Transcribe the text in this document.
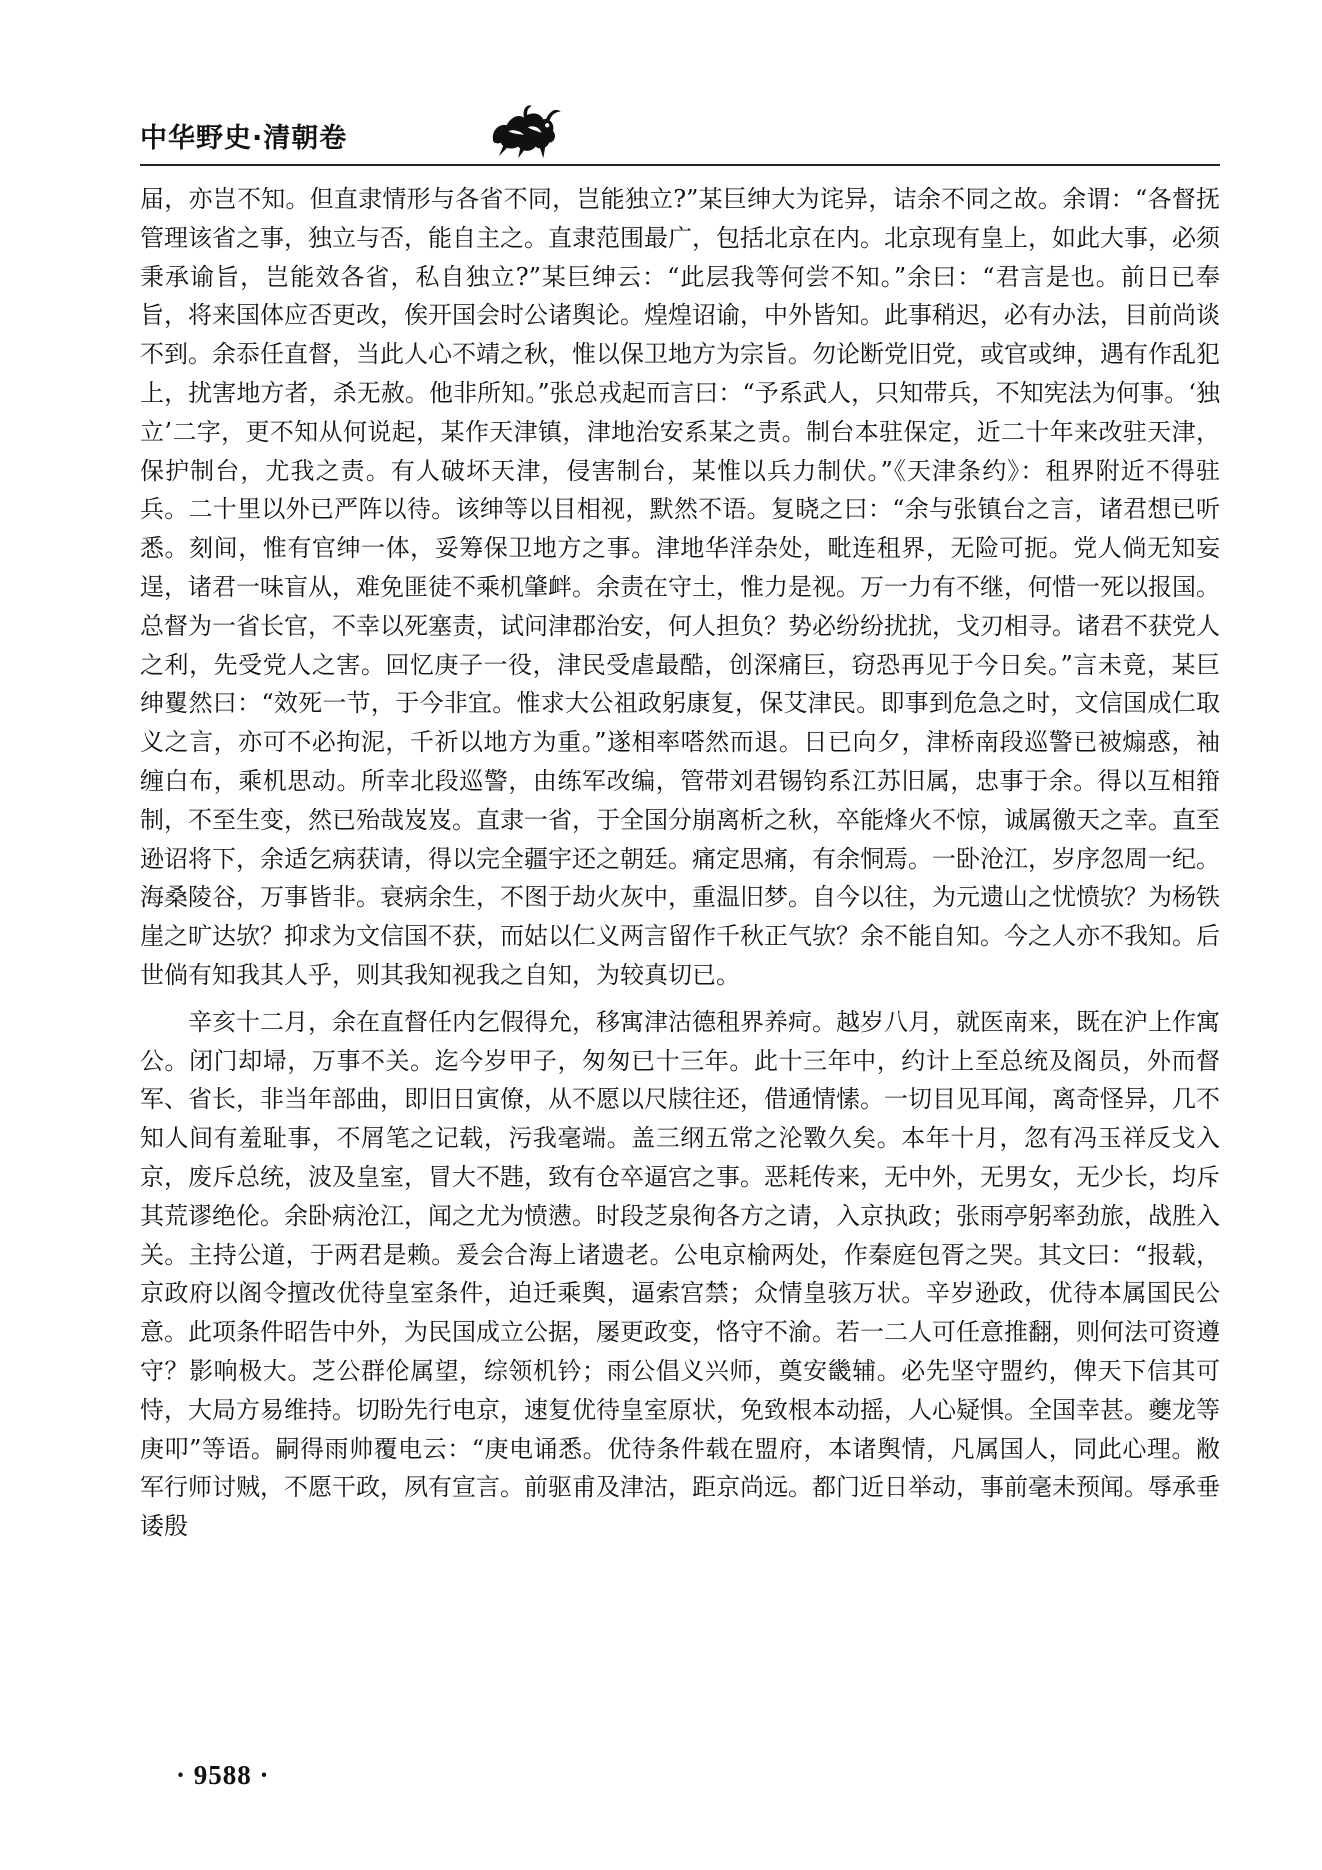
中华野史·清朝卷

届，亦岂不知。但直隶情形与各省不同，岂能独立?”某巨绅大为诧异，诘余不同之故。余谓：“各督抚管理该省之事，独立与否，能自主之。直隶范围最广，包括北京在内。北京现有皇上，如此大事，必须秉承谕旨，岂能效各省，私自独立?”某巨绅云：“此层我等何尝不知。”余曰：“君言是也。前日已奉旨，将来国体应否更改，俟开国会时公诸舆论。煌煌诏谕，中外皆知。此事稍迟，必有办法，目前尚谈不到。余忝任直督，当此人心不靖之秋，惟以保卫地方为宗旨。勿论断党旧党，或官或绅，遇有作乱犯上，扰害地方者，杀无赦。他非所知。”张总戎起而言曰：“予系武人，只知带兵，不知宪法为何事。‘独立’二字，更不知从何说起，某作天津镇，津地治安系某之责。制台本驻保定，近二十年来改驻天津，保护制台，尤我之责。有人破坏天津，侵害制台，某惟以兵力制伏。”《天津条约》：租界附近不得驻兵。二十里以外已严阵以待。该绅等以目相视，默然不语。复晓之曰：“余与张镇台之言，诸君想已听悉。刻间，惟有官绅一体，妥筹保卫地方之事。津地华洋杂处，毗连租界，无险可扼。党人倘无知妄逞，诸君一味盲从，难免匪徒不乘机肇衅。余责在守土，惟力是视。万一力有不继，何惜一死以报国。总督为一省长官，不幸以死塞责，试问津郡治安，何人担负？势必纷纷扰扰，戈刃相寻。诸君不获党人之利，先受党人之害。回忆庚子一役，津民受虐最酷，创深痛巨，窃恐再见于今日矣。”言未竟，某巨绅矍然曰：“效死一节，于今非宜。惟求大公祖政躬康复，保艾津民。即事到危急之时，文信国成仁取义之言，亦可不必拘泥，千祈以地方为重。”遂相率嗒然而退。日已向夕，津桥南段巡警已被煽惑，袖缠白布，乘机思动。所幸北段巡警，由练军改编，管带刘君锡钧系江苏旧属，忠事于余。得以互相箝制，不至生变，然已殆哉岌岌。直隶一省，于全国分崩离析之秋，卒能烽火不惊，诚属徼天之幸。直至逊诏将下，余适乞病获请，得以完全疆宇还之朝廷。痛定思痛，有余恫焉。一卧沧江，岁序忽周一纪。海桑陵谷，万事皆非。衰病余生，不图于劫火灰中，重温旧梦。自今以往，为元遗山之忧愤欤？为杨铁崖之旷达欤？抑求为文信国不获，而姑以仁义两言留作千秋正气欤？余不能自知。今之人亦不我知。后世倘有知我其人乎，则其我知视我之自知，为较真切已。

辛亥十二月，余在直督任内乞假得允，移寓津沽德租界养疴。越岁八月，就医南来，既在沪上作寓公。闭门却埽，万事不关。迄今岁甲子，匆匆已十三年。此十三年中，约计上至总统及阁员，外而督军、省长，非当年部曲，即旧日寅僚，从不愿以尺牍往还，借通情愫。一切目见耳闻，离奇怪异，几不知人间有羞耻事，不屑笔之记载，污我毫端。盖三纲五常之沦斁久矣。本年十月，忽有冯玉祥反戈入京，废斥总统，波及皇室，冒大不韪，致有仓卒逼宫之事。恶耗传来，无中外，无男女，无少长，均斥其荒谬绝伦。余卧病沧江，闻之尤为愤懑。时段芝泉徇各方之请，入京执政；张雨亭躬率劲旅，战胜入关。主持公道，于两君是赖。爰会合海上诸遗老。公电京榆两处，作秦庭包胥之哭。其文曰：“报载，京政府以阁令擅改优待皇室条件，迫迁乘舆，逼索宫禁；众情皇骇万状。辛岁逊政，优待本属国民公意。此项条件昭告中外，为民国成立公据，屡更政变，恪守不渝。若一二人可任意推翻，则何法可资遵守？影响极大。芝公群伦属望，综领机钤；雨公倡义兴师，奠安畿辅。必先坚守盟约，俾天下信其可恃，大局方易维持。切盼先行电京，速复优待皇室原状，免致根本动摇，人心疑惧。全国幸甚。夔龙等庚叩”等语。嗣得雨帅覆电云：“庚电诵悉。优待条件载在盟府，本诸舆情，凡属国人，同此心理。敝军行师讨贼，不愿干政，夙有宣言。前驱甫及津沽，距京尚远。都门近日举动，事前毫未预闻。辱承垂诿殷

· 9588 ·
